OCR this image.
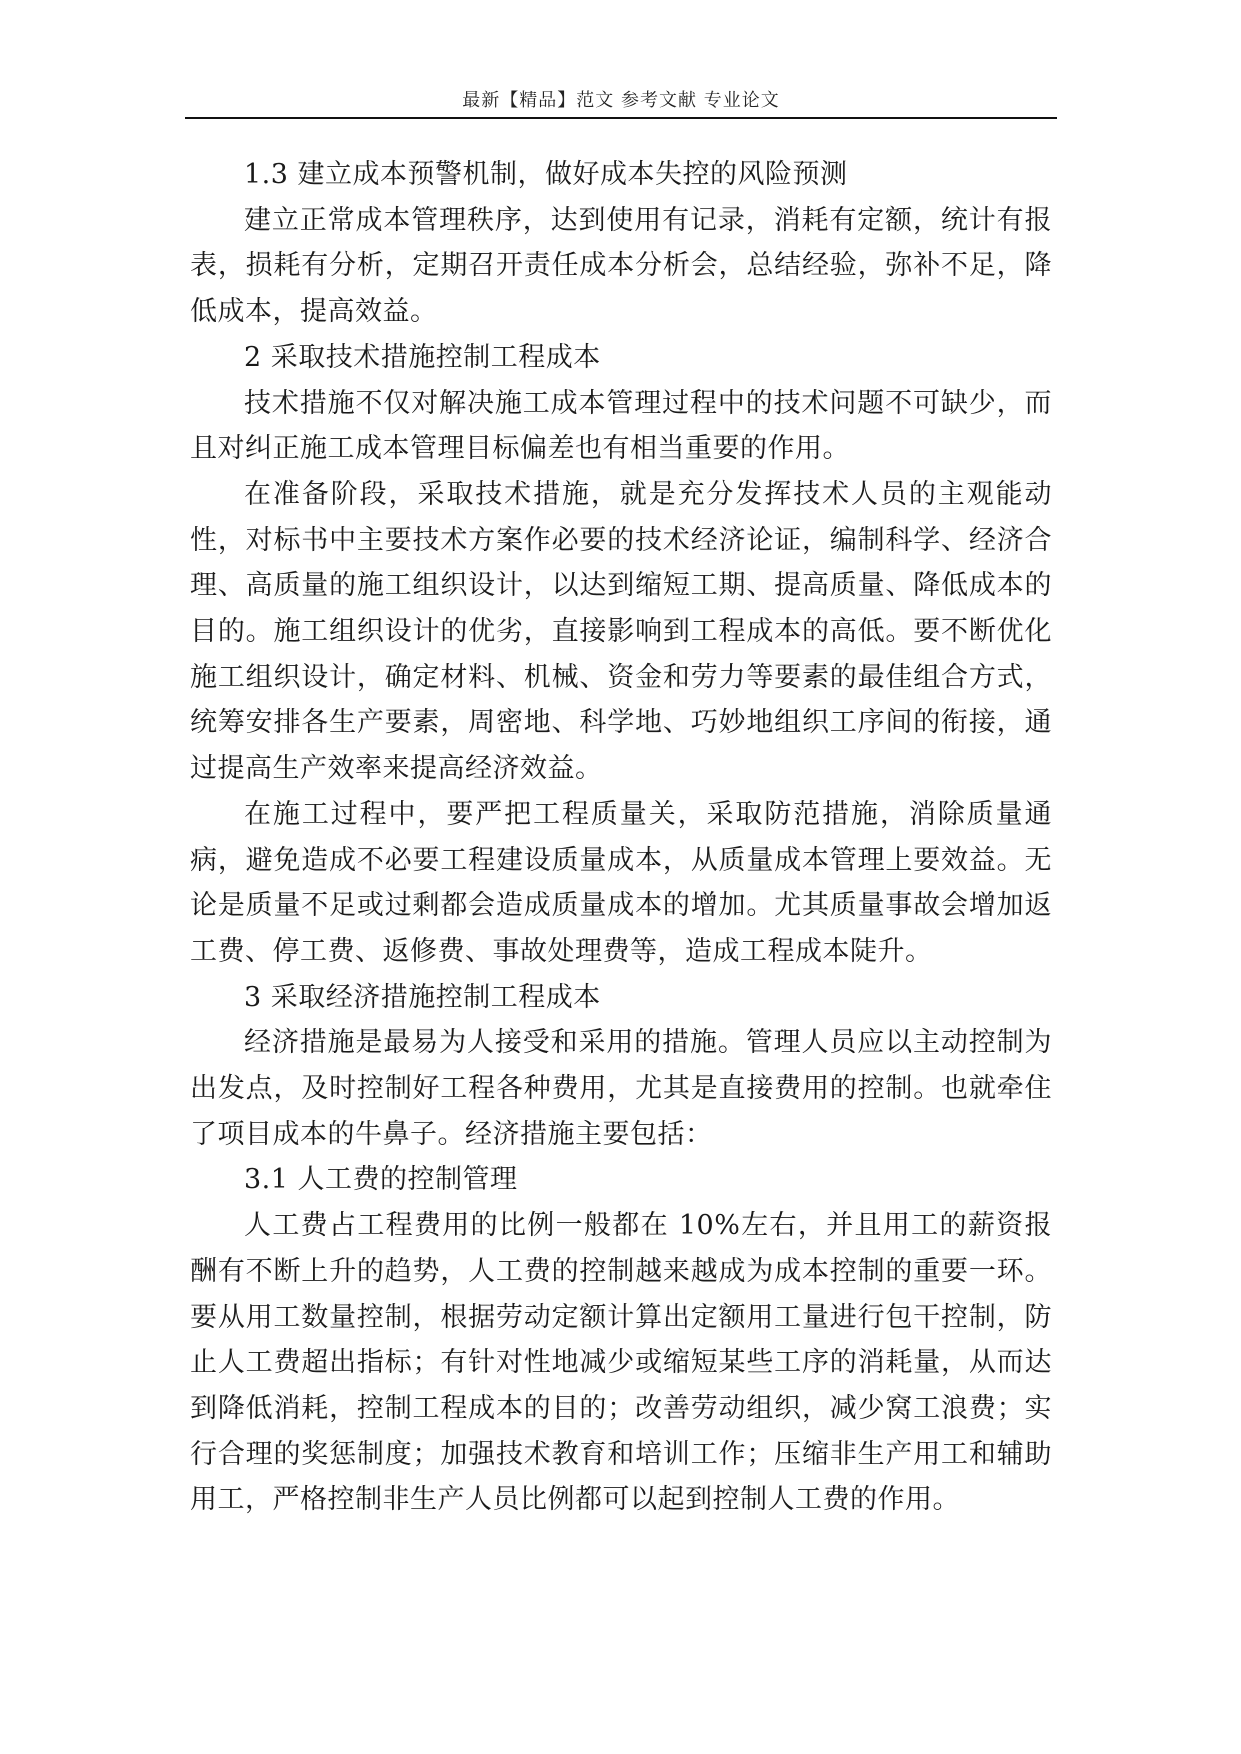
最新【精品】范文 参考文献 专业论文

1.3 建立成本预警机制，做好成本失控的风险预测

建立正常成本管理秩序，达到使用有记录，消耗有定额，统计有报表，损耗有分析，定期召开责任成本分析会，总结经验，弥补不足，降低成本，提高效益。

2 采取技术措施控制工程成本

技术措施不仅对解决施工成本管理过程中的技术问题不可缺少，而且对纠正施工成本管理目标偏差也有相当重要的作用。

在准备阶段，采取技术措施，就是充分发挥技术人员的主观能动性，对标书中主要技术方案作必要的技术经济论证，编制科学、经济合理、高质量的施工组织设计，以达到缩短工期、提高质量、降低成本的目的。施工组织设计的优劣，直接影响到工程成本的高低。要不断优化施工组织设计，确定材料、机械、资金和劳力等要素的最佳组合方式，统筹安排各生产要素，周密地、科学地、巧妙地组织工序间的衔接，通过提高生产效率来提高经济效益。

在施工过程中，要严把工程质量关，采取防范措施，消除质量通病，避免造成不必要工程建设质量成本，从质量成本管理上要效益。无论是质量不足或过剩都会造成质量成本的增加。尤其质量事故会增加返工费、停工费、返修费、事故处理费等，造成工程成本陡升。

3 采取经济措施控制工程成本

经济措施是最易为人接受和采用的措施。管理人员应以主动控制为出发点，及时控制好工程各种费用，尤其是直接费用的控制。也就牵住了项目成本的牛鼻子。经济措施主要包括：

3.1 人工费的控制管理

人工费占工程费用的比例一般都在 10%左右，并且用工的薪资报酬有不断上升的趋势，人工费的控制越来越成为成本控制的重要一环。要从用工数量控制，根据劳动定额计算出定额用工量进行包干控制，防止人工费超出指标；有针对性地减少或缩短某些工序的消耗量，从而达到降低消耗，控制工程成本的目的；改善劳动组织，减少窝工浪费；实行合理的奖惩制度；加强技术教育和培训工作；压缩非生产用工和辅助用工，严格控制非生产人员比例都可以起到控制人工费的作用。
